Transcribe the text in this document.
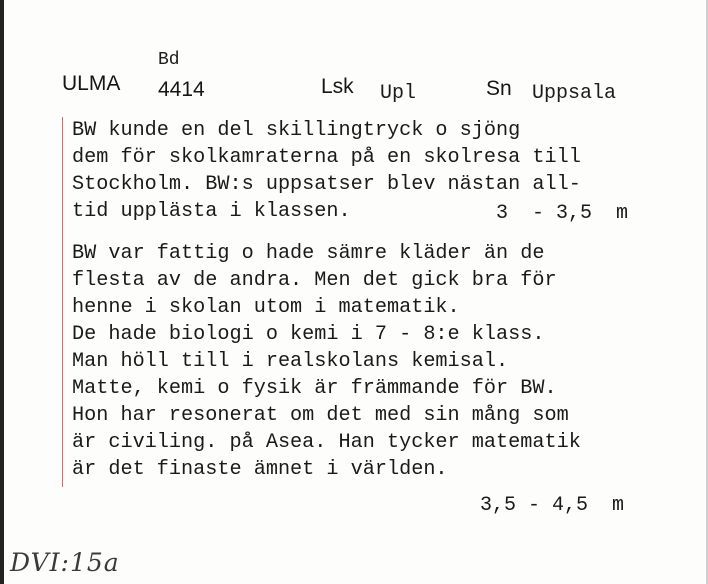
ULMA
Bd
4414	Lsk Upl	Sn Uppsala
BW kunde en del skillingtryck o sjöng
dem för skolkamraterna på en skolresa till
Stockholm. BW:s uppsatser blev nästan all-
tid upplästa i klassen.	3  - 3,5  m
BW var fattig o hade sämre kläder än de
flesta av de andra. Men det gick bra för
henne i skolan utom i matematik.
De hade biologi o kemi i 7 - 8:e klass.
Man höll till i realskolans kemisal.
Matte, kemi o fysik är främmande för BW.
Hon har resonerat om det med sin mång som
är civiling. på Asea. Han tycker matematik
är det finaste ämnet i världen.
3,5 - 4,5  m
DVI:15a
